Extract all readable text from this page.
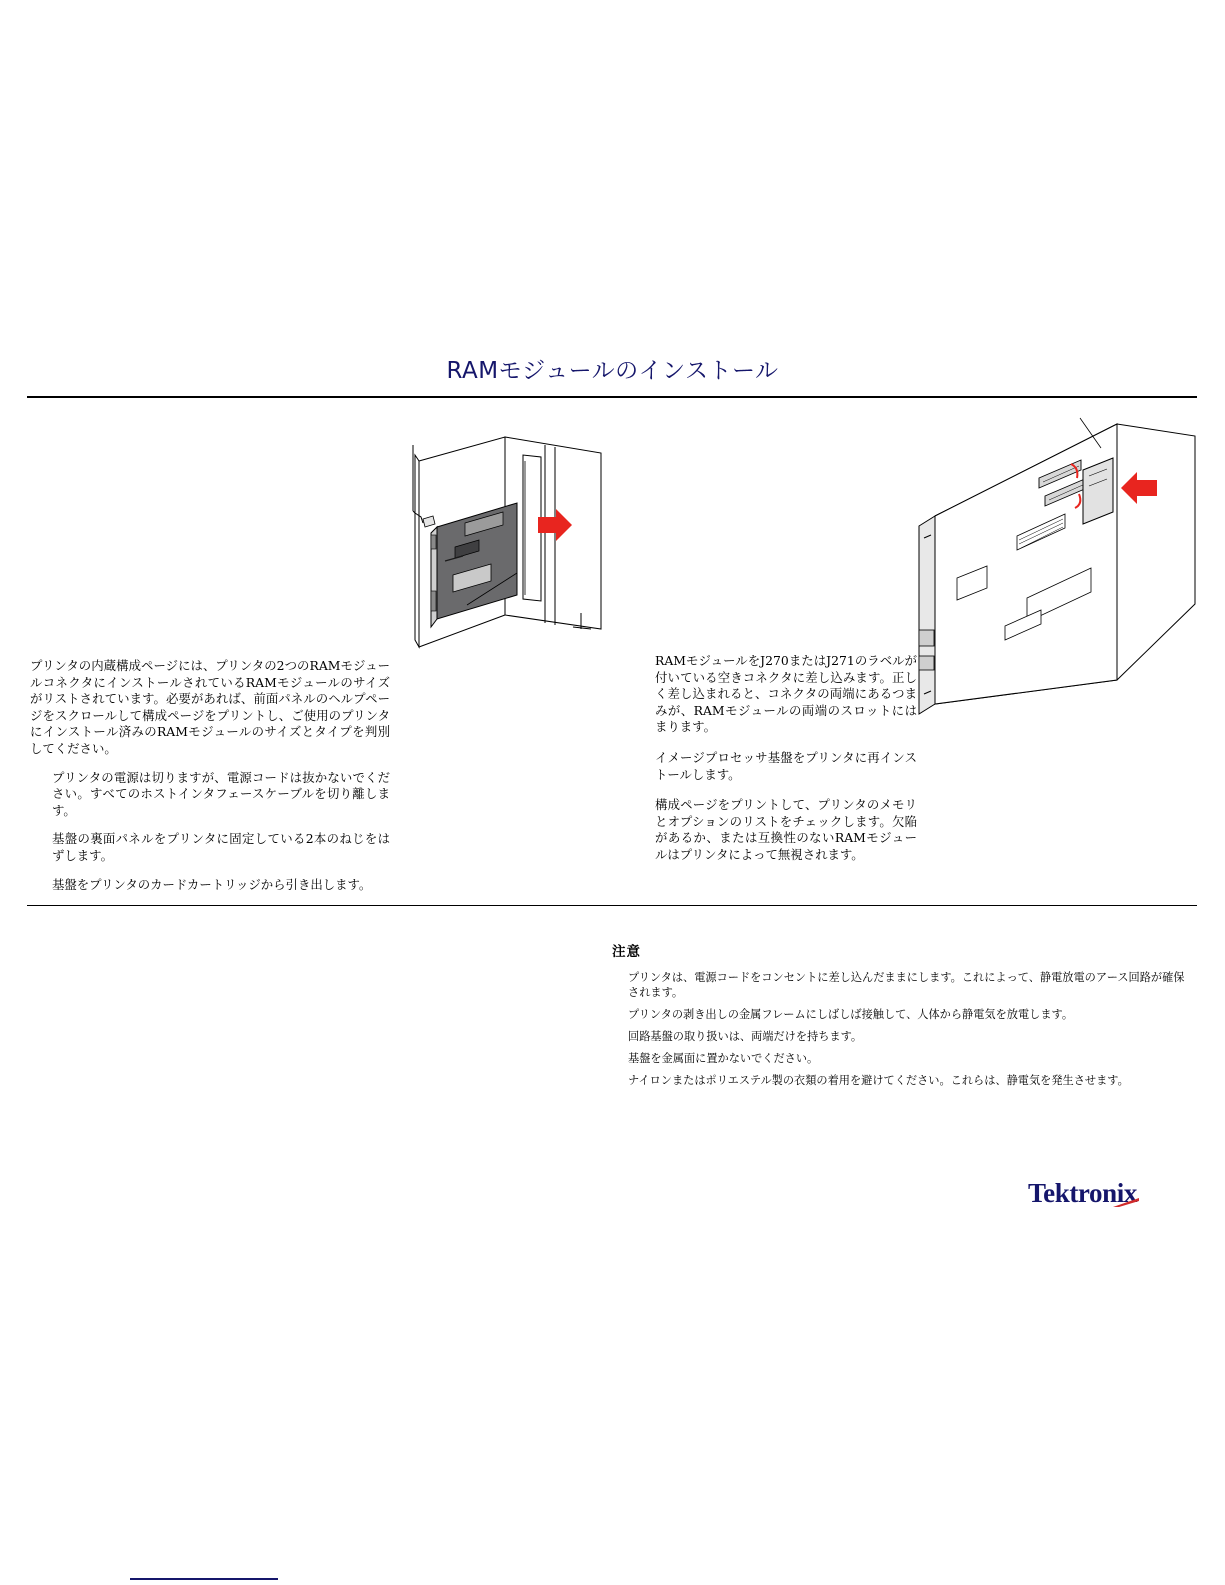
RAMモジュールのインストール

プリンタの内蔵構成ページには、プリンタの2つのRAMモジュールコネクタにインストールされているRAMモジュールのサイズがリストされています。必要があれば、前面パネルのヘルプページをスクロールして構成ページをプリントし、ご使用のプリンタにインストール済みのRAMモジュールのサイズとタイプを判別してください。

プリンタの電源は切りますが、電源コードは抜かないでください。すべてのホストインタフェースケーブルを切り離します。

基盤の裏面パネルをプリンタに固定している2本のねじをはずします。

基盤をプリンタのカードカートリッジから引き出します。

RAMモジュールをJ270またはJ271のラベルが付いている空きコネクタに差し込みます。正しく差し込まれると、コネクタの両端にあるつまみが、RAMモジュールの両端のスロットにはまります。

イメージプロセッサ基盤をプリンタに再インストールします。

構成ページをプリントして、プリンタのメモリとオプションのリストをチェックします。欠陥があるか、または互換性のないRAMモジュールはプリンタによって無視されます。

注意
プリンタは、電源コードをコンセントに差し込んだままにします。これによって、静電放電のアース回路が確保されます。
プリンタの剥き出しの金属フレームにしばしば接触して、人体から静電気を放電します。
回路基盤の取り扱いは、両端だけを持ちます。
基盤を金属面に置かないでください。
ナイロンまたはポリエステル製の衣類の着用を避けてください。これらは、静電気を発生させます。
Tektronix
